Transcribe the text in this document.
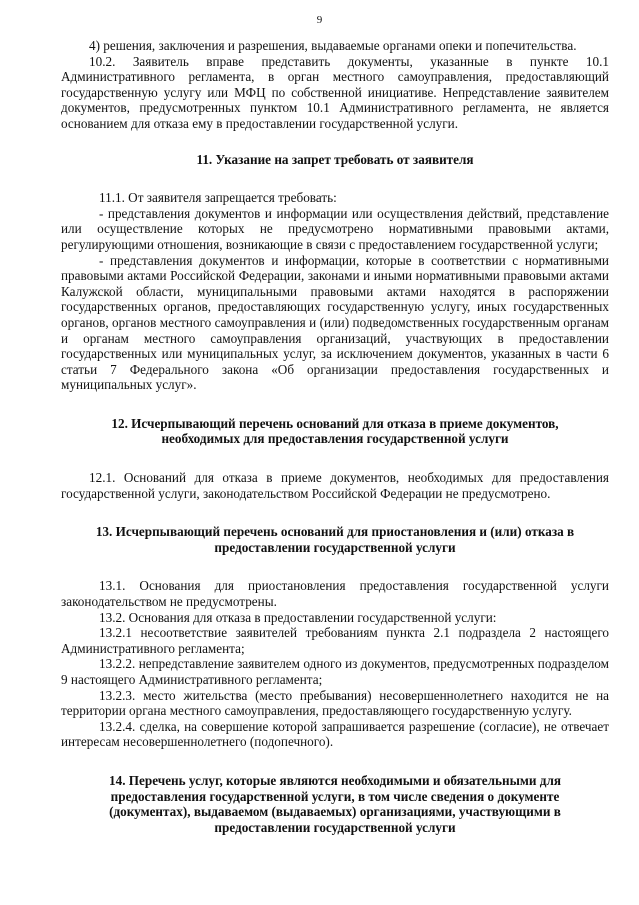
9

4) решения, заключения и разрешения, выдаваемые органами опеки и попечительства.

10.2. Заявитель вправе представить документы, указанные в пункте 10.1 Административного регламента, в орган местного самоуправления, предоставляющий государственную услугу или МФЦ по собственной инициативе. Непредставление заявителем документов, предусмотренных пунктом 10.1 Административного регламента, не является основанием для отказа ему в предоставлении государственной услуги.

11. Указание на запрет требовать от заявителя

11.1. От заявителя запрещается требовать:

- представления документов и информации или осуществления действий, представление или осуществление которых не предусмотрено нормативными правовыми актами, регулирующими отношения, возникающие в связи с предоставлением государственной услуги;

- представления документов и информации, которые в соответствии с нормативными правовыми актами Российской Федерации, законами и иными нормативными правовыми актами Калужской области, муниципальными правовыми актами находятся в распоряжении государственных органов, предоставляющих государственную услугу, иных государственных органов, органов местного самоуправления и (или) подведомственных государственным органам и органам местного самоуправления организаций, участвующих в предоставлении государственных или муниципальных услуг, за исключением документов, указанных в части 6 статьи 7 Федерального закона «Об организации предоставления государственных и муниципальных услуг».

12. Исчерпывающий перечень оснований для отказа в приеме документов, необходимых для предоставления государственной услуги

12.1. Оснований для отказа в приеме документов, необходимых для предоставления государственной услуги, законодательством Российской Федерации не предусмотрено.

13. Исчерпывающий перечень оснований для приостановления и (или) отказа в предоставлении государственной услуги

13.1. Основания для приостановления предоставления государственной услуги законодательством не предусмотрены.

13.2. Основания для отказа в предоставлении государственной услуги:

13.2.1 несоответствие заявителей требованиям пункта 2.1 подраздела 2 настоящего Административного регламента;

13.2.2. непредставление заявителем одного из документов, предусмотренных подразделом 9 настоящего Административного регламента;

13.2.3. место жительства (место пребывания) несовершеннолетнего находится не на территории органа местного самоуправления, предоставляющего государственную услугу.

13.2.4. сделка, на совершение которой запрашивается разрешение (согласие), не отвечает интересам несовершеннолетнего (подопечного).

14. Перечень услуг, которые являются необходимыми и обязательными для предоставления государственной услуги, в том числе сведения о документе (документах), выдаваемом (выдаваемых) организациями, участвующими в предоставлении государственной услуги
